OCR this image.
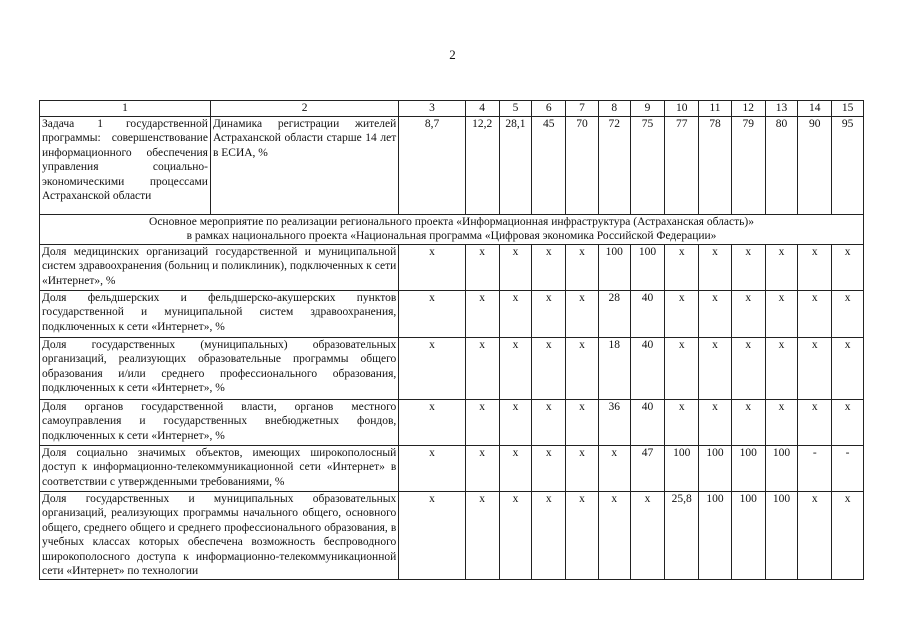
2
1	2	3	4	5	6	7	8	9	10	11	12	13	14	15
Задача 1 государственной программы: совершенствование информационного обеспечения управления социально-экономическими процессами Астраханской области	Динамика регистрации жителей Астраханской области старше 14 лет в ЕСИА, %	8,7	12,2	28,1	45	70	72	75	77	78	79	80	90	95

Основное мероприятие по реализации регионального проекта «Информационная инфраструктура (Астраханская область)»
в рамках национального проекта «Национальная программа «Цифровая экономика Российской Федерации»														

Доля медицинских организаций государственной и муниципальной систем здравоохранения (больниц и поликлиник), подключенных к сети «Интернет», %		х	х	х	х	х	100	100	х	х	х	х	х	х
Доля фельдшерских и фельдшерско-акушерских пунктов государственной и муниципальной систем здравоохранения, подключенных к сети «Интернет», %		х	х	х	х	х	28	40	х	х	х	х	х	х
Доля государственных (муниципальных) образовательных организаций, реализующих образовательные программы общего образования и/или среднего профессионального образования, подключенных к сети «Интернет», %		х	х	х	х	х	18	40	х	х	х	х	х	х
Доля органов государственной власти, органов местного самоуправления и государственных внебюджетных фондов, подключенных к сети «Интернет», %		х	х	х	х	х	36	40	х	х	х	х	х	х
Доля социально значимых объектов, имеющих широкополосный доступ к информационно-телекоммуникационной сети «Интернет» в соответствии с утвержденными требованиями, %		х	х	х	х	х	х	47	100	100	100	100	-	-
Доля государственных и муниципальных образовательных организаций, реализующих программы начального общего, основного общего, среднего общего и среднего профессионального образования, в учебных классах которых обеспечена возможность беспроводного широкополосного доступа к информационно-телекоммуникационной сети «Интернет» по технологии		х	х	х	х	х	х	х	25,8	100	100	100	х	х
